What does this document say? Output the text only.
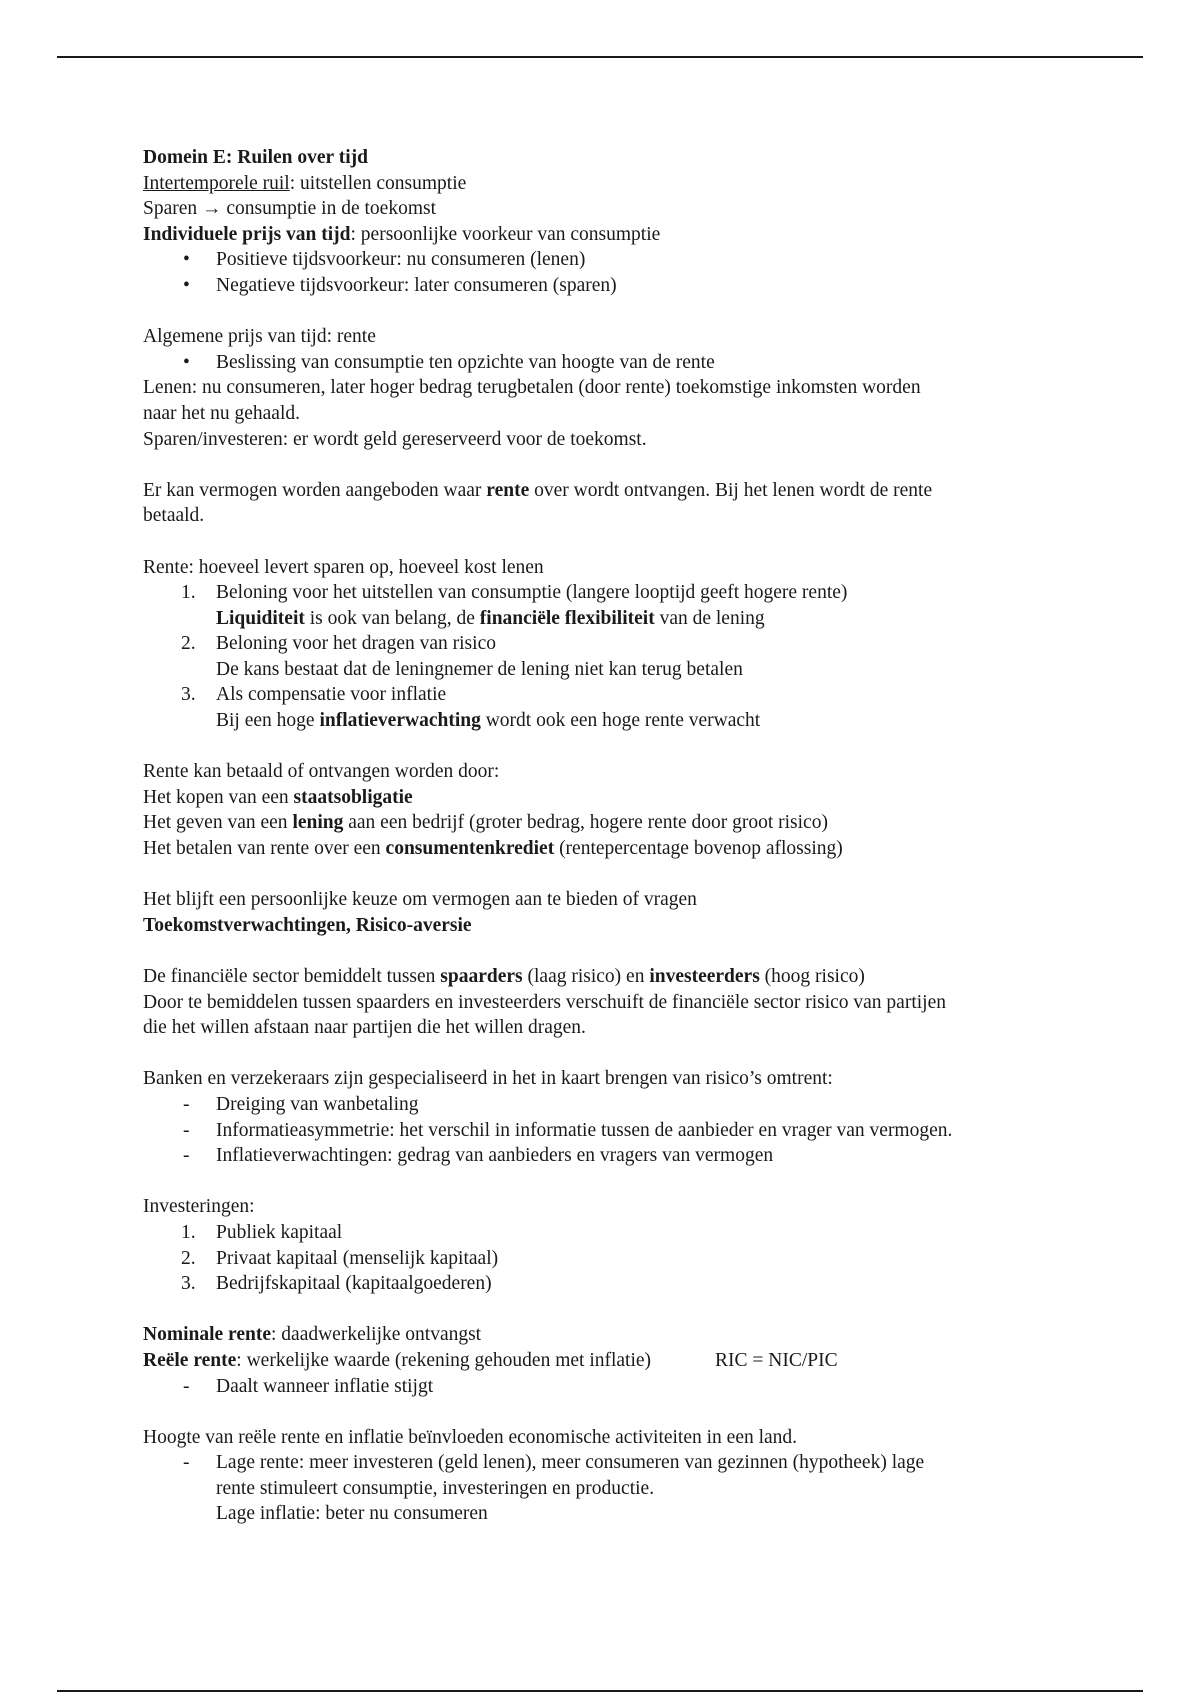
Domein E: Ruilen over tijd
Intertemporele ruil: uitstellen consumptie
Sparen → consumptie in de toekomst
Individuele prijs van tijd: persoonlijke voorkeur van consumptie
• Positieve tijdsvoorkeur: nu consumeren (lenen)
• Negatieve tijdsvoorkeur: later consumeren (sparen)
Algemene prijs van tijd: rente
• Beslissing van consumptie ten opzichte van hoogte van de rente
Lenen: nu consumeren, later hoger bedrag terugbetalen (door rente) toekomstige inkomsten worden
naar het nu gehaald.
Sparen/investeren: er wordt geld gereserveerd voor de toekomst.
Er kan vermogen worden aangeboden waar rente over wordt ontvangen. Bij het lenen wordt de rente
betaald.
Rente: hoeveel levert sparen op, hoeveel kost lenen
1. Beloning voor het uitstellen van consumptie (langere looptijd geeft hogere rente)
Liquiditeit is ook van belang, de financiële flexibiliteit van de lening
2. Beloning voor het dragen van risico
De kans bestaat dat de leningnemer de lening niet kan terug betalen
3. Als compensatie voor inflatie
Bij een hoge inflatieverwachting wordt ook een hoge rente verwacht
Rente kan betaald of ontvangen worden door:
Het kopen van een staatsobligatie
Het geven van een lening aan een bedrijf (groter bedrag, hogere rente door groot risico)
Het betalen van rente over een consumentenkrediet (rentepercentage bovenop aflossing)
Het blijft een persoonlijke keuze om vermogen aan te bieden of vragen
Toekomstverwachtingen, Risico-aversie
De financiële sector bemiddelt tussen spaarders (laag risico) en investeerders (hoog risico)
Door te bemiddelen tussen spaarders en investeerders verschuift de financiële sector risico van partijen
die het willen afstaan naar partijen die het willen dragen.
Banken en verzekeraars zijn gespecialiseerd in het in kaart brengen van risico’s omtrent:
- Dreiging van wanbetaling
- Informatieasymmetrie: het verschil in informatie tussen de aanbieder en vrager van vermogen.
- Inflatieverwachtingen: gedrag van aanbieders en vragers van vermogen
Investeringen:
1. Publiek kapitaal
2. Privaat kapitaal (menselijk kapitaal)
3. Bedrijfskapitaal (kapitaalgoederen)
Nominale rente: daadwerkelijke ontvangst
Reële rente: werkelijke waarde (rekening gehouden met inflatie)	RIC = NIC/PIC
- Daalt wanneer inflatie stijgt
Hoogte van reële rente en inflatie beïnvloeden economische activiteiten in een land.
- Lage rente: meer investeren (geld lenen), meer consumeren van gezinnen (hypotheek) lage
rente stimuleert consumptie, investeringen en productie.
Lage inflatie: beter nu consumeren
